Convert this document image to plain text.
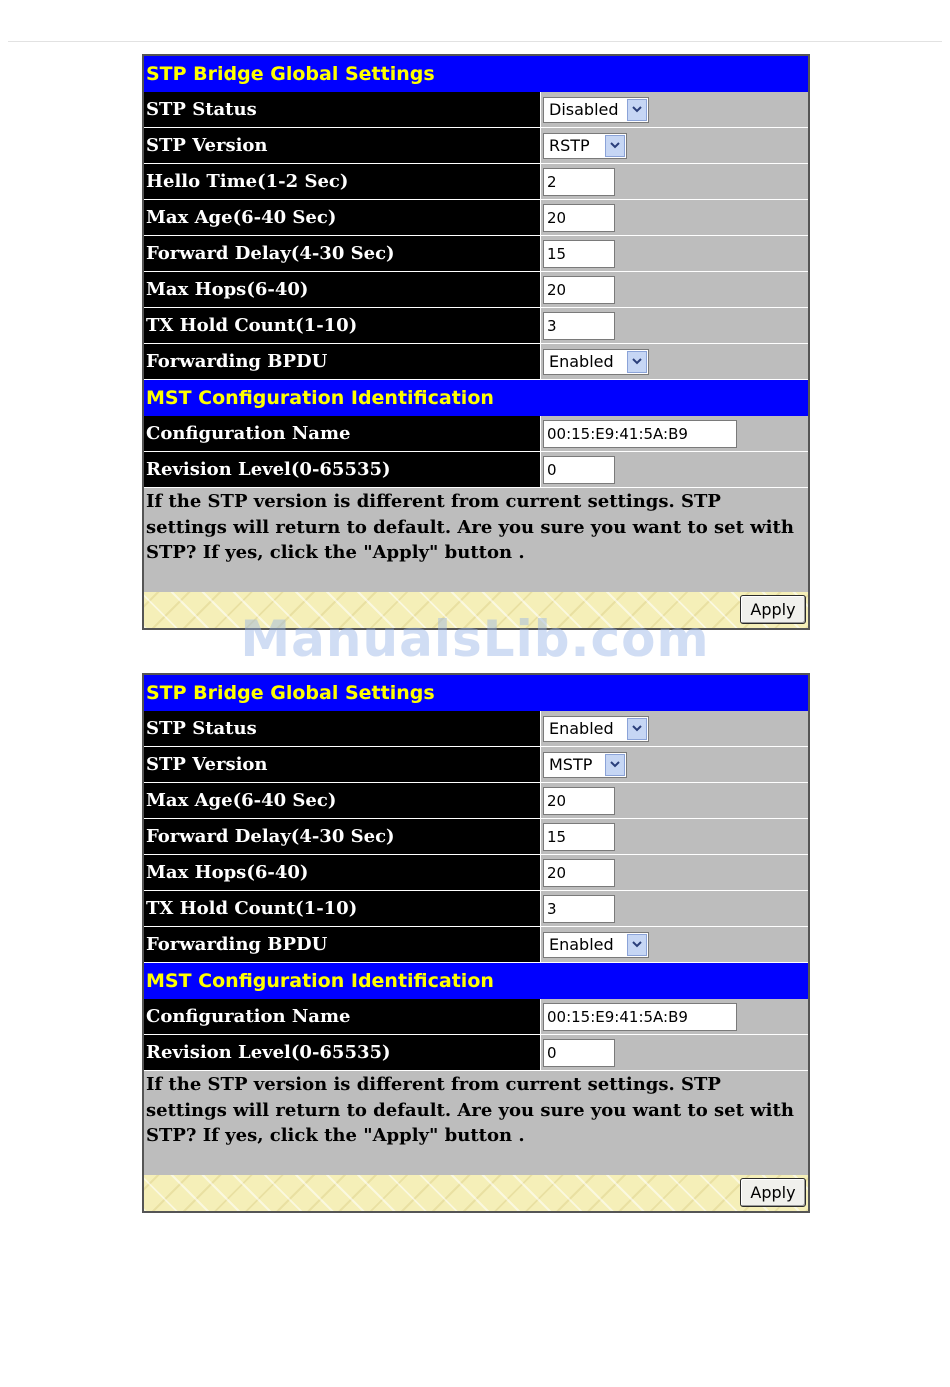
STP Bridge Global Settings
STP Status	Disabled
STP Version	RSTP
Hello Time(1-2 Sec)	2
Max Age(6-40 Sec)	20
Forward Delay(4-30 Sec)	15
Max Hops(6-40)	20
TX Hold Count(1-10)	3
Forwarding BPDU	Enabled
MST Configuration Identification
Configuration Name	00:15:E9:41:5A:B9
Revision Level(0-65535)	0
If the STP version is different from current settings. STP settings will return to default. Are you sure you want to set with STP? If yes, click the "Apply" button .
Apply
STP Bridge Global Settings
STP Status	Enabled
STP Version	MSTP
Max Age(6-40 Sec)	20
Forward Delay(4-30 Sec)	15
Max Hops(6-40)	20
TX Hold Count(1-10)	3
Forwarding BPDU	Enabled
MST Configuration Identification
Configuration Name	00:15:E9:41:5A:B9
Revision Level(0-65535)	0
If the STP version is different from current settings. STP settings will return to default. Are you sure you want to set with STP? If yes, click the "Apply" button .
Apply
ManualsLib.com
